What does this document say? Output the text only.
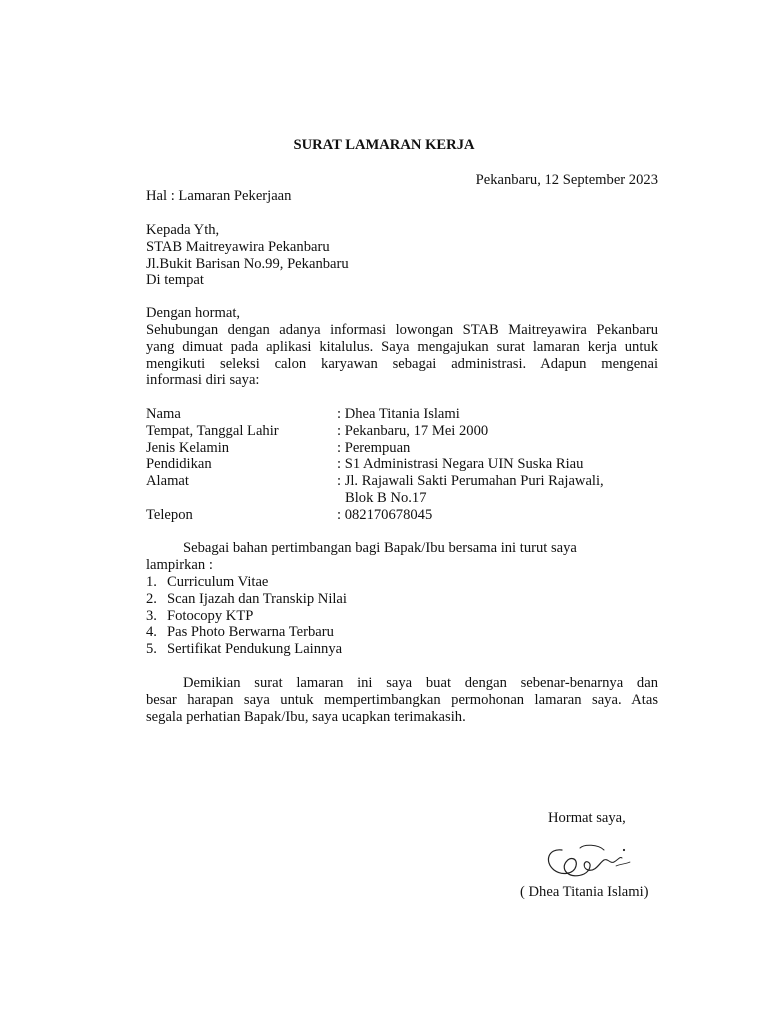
SURAT LAMARAN KERJA
Pekanbaru, 12 September 2023
Hal : Lamaran Pekerjaan
Kepada Yth,
STAB Maitreyawira Pekanbaru
Jl.Bukit Barisan No.99, Pekanbaru
Di tempat
Dengan hormat,
Sehubungan dengan adanya informasi lowongan STAB Maitreyawira Pekanbaru
yang dimuat pada aplikasi kitalulus. Saya mengajukan surat lamaran kerja untuk
mengikuti seleksi calon karyawan sebagai administrasi. Adapun mengenai
informasi diri saya:
Nama	: Dhea Titania Islami
Tempat, Tanggal Lahir	: Pekanbaru, 17 Mei 2000
Jenis Kelamin	: Perempuan
Pendidikan	: S1 Administrasi Negara UIN Suska Riau
Alamat	: Jl. Rajawali Sakti Perumahan Puri Rajawali,
Blok B No.17
Telepon	: 082170678045
Sebagai bahan pertimbangan bagi Bapak/Ibu bersama ini turut saya
lampirkan :
1. Curriculum Vitae
2. Scan Ijazah dan Transkip Nilai
3. Fotocopy KTP
4. Pas Photo Berwarna Terbaru
5. Sertifikat Pendukung Lainnya
Demikian surat lamaran ini saya buat dengan sebenar-benarnya dan
besar harapan saya untuk mempertimbangkan permohonan lamaran saya. Atas
segala perhatian Bapak/Ibu, saya ucapkan terimakasih.
Hormat saya,
( Dhea Titania Islami)
